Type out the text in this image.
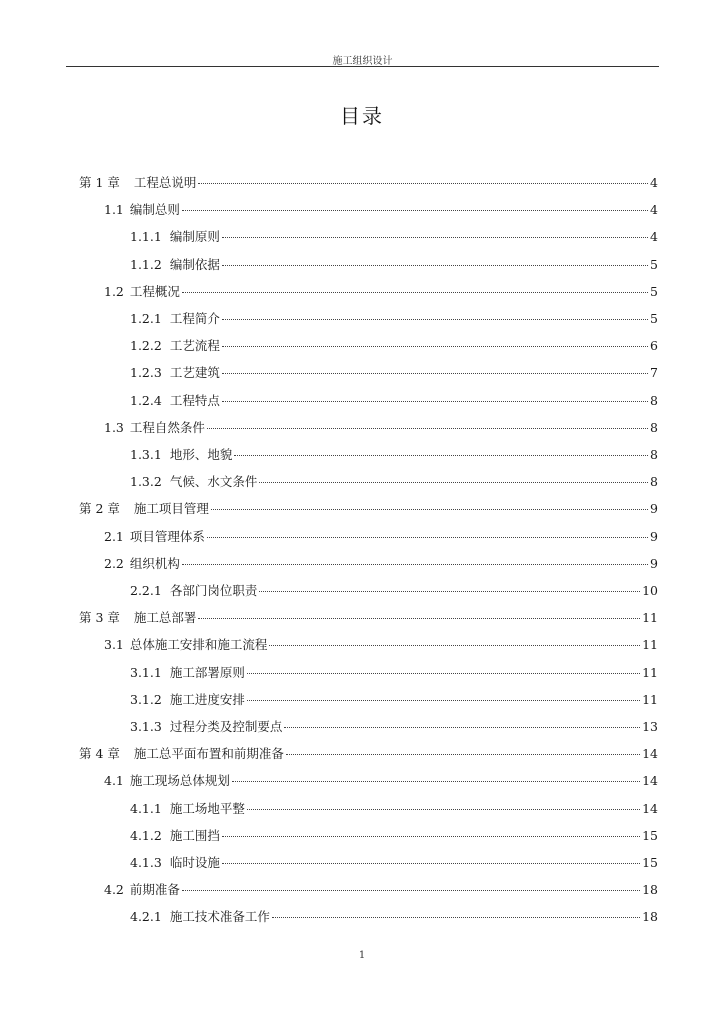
施工组织设计
目录
第 1 章 工程总说明	4
1.1 编制总则	4
1.1.1 编制原则	4
1.1.2 编制依据	5
1.2 工程概况	5
1.2.1 工程简介	5
1.2.2 工艺流程	6
1.2.3 工艺建筑	7
1.2.4 工程特点	8
1.3 工程自然条件	8
1.3.1 地形、地貌	8
1.3.2 气候、水文条件	8
第 2 章 施工项目管理	9
2.1 项目管理体系	9
2.2 组织机构	9
2.2.1 各部门岗位职责	10
第 3 章 施工总部署	11
3.1 总体施工安排和施工流程	11
3.1.1 施工部署原则	11
3.1.2 施工进度安排	11
3.1.3 过程分类及控制要点	13
第 4 章 施工总平面布置和前期准备	14
4.1 施工现场总体规划	14
4.1.1 施工场地平整	14
4.1.2 施工围挡	15
4.1.3 临时设施	15
4.2 前期准备	18
4.2.1 施工技术准备工作	18
1
